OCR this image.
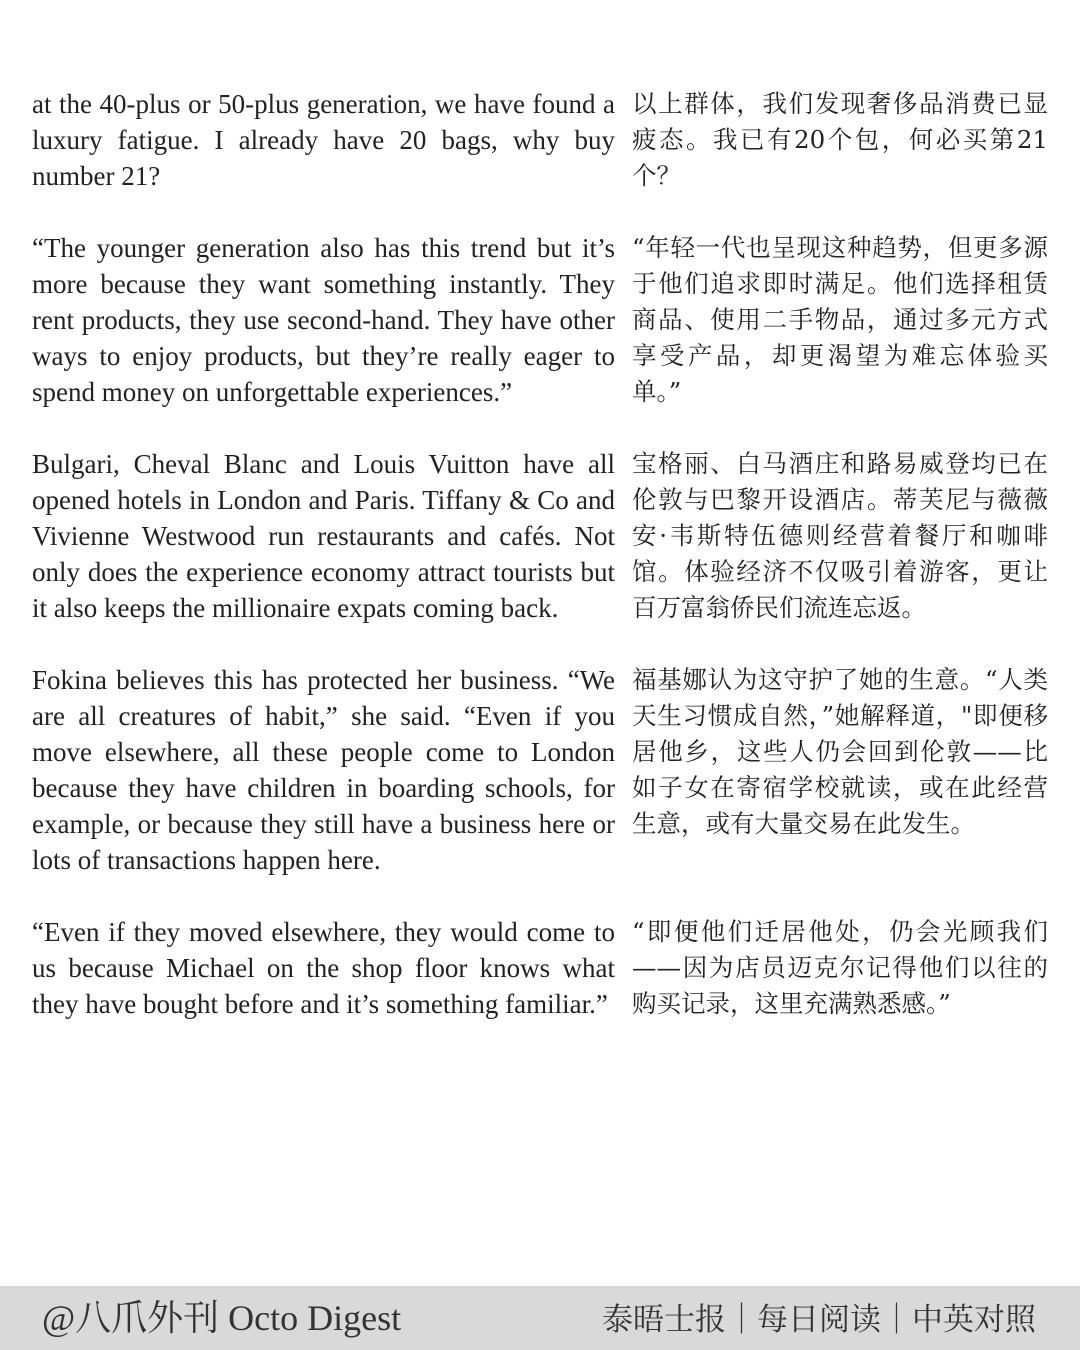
at the 40-plus or 50-plus generation, we have found a luxury fatigue. I already have 20 bags, why buy number 21?
以上群体，我们发现奢侈品消费已显疲态。我已有20个包，何必买第21个？
“The younger generation also has this trend but it’s more because they want something instantly. They rent products, they use second-hand. They have other ways to enjoy products, but they’re really eager to spend money on unforgettable experiences.”
“年轻一代也呈现这种趋势，但更多源于他们追求即时满足。他们选择租赁商品、使用二手物品，通过多元方式享受产品，却更渴望为难忘体验买单。”
Bulgari, Cheval Blanc and Louis Vuitton have all opened hotels in London and Paris. Tiffany & Co and Vivienne Westwood run restaurants and cafés. Not only does the experience economy attract tourists but it also keeps the millionaire expats coming back.
宝格丽、白马酒庄和路易威登均已在伦敦与巴黎开设酒店。蒂芙尼与薇薇安·韦斯特伍德则经营着餐厅和咖啡馆。体验经济不仅吸引着游客，更让百万富翁侨民们流连忘返。
Fokina believes this has protected her business. “We are all creatures of habit,” she said. “Even if you move elsewhere, all these people come to London because they have children in boarding schools, for example, or because they still have a business here or lots of transactions happen here.
福基娜认为这守护了她的生意。“人类天生习惯成自然，”她解释道，"即便移居他乡，这些人仍会回到伦敦——比如子女在寄宿学校就读，或在此经营生意，或有大量交易在此发生。
“Even if they moved elsewhere, they would come to us because Michael on the shop floor knows what they have bought before and it’s something familiar.”
“即便他们迁居他处，仍会光顾我们——因为店员迈克尔记得他们以往的购买记录，这里充满熟悉感。”
@八爪外刊 Octo Digest	泰晤士报｜每日阅读｜中英对照
